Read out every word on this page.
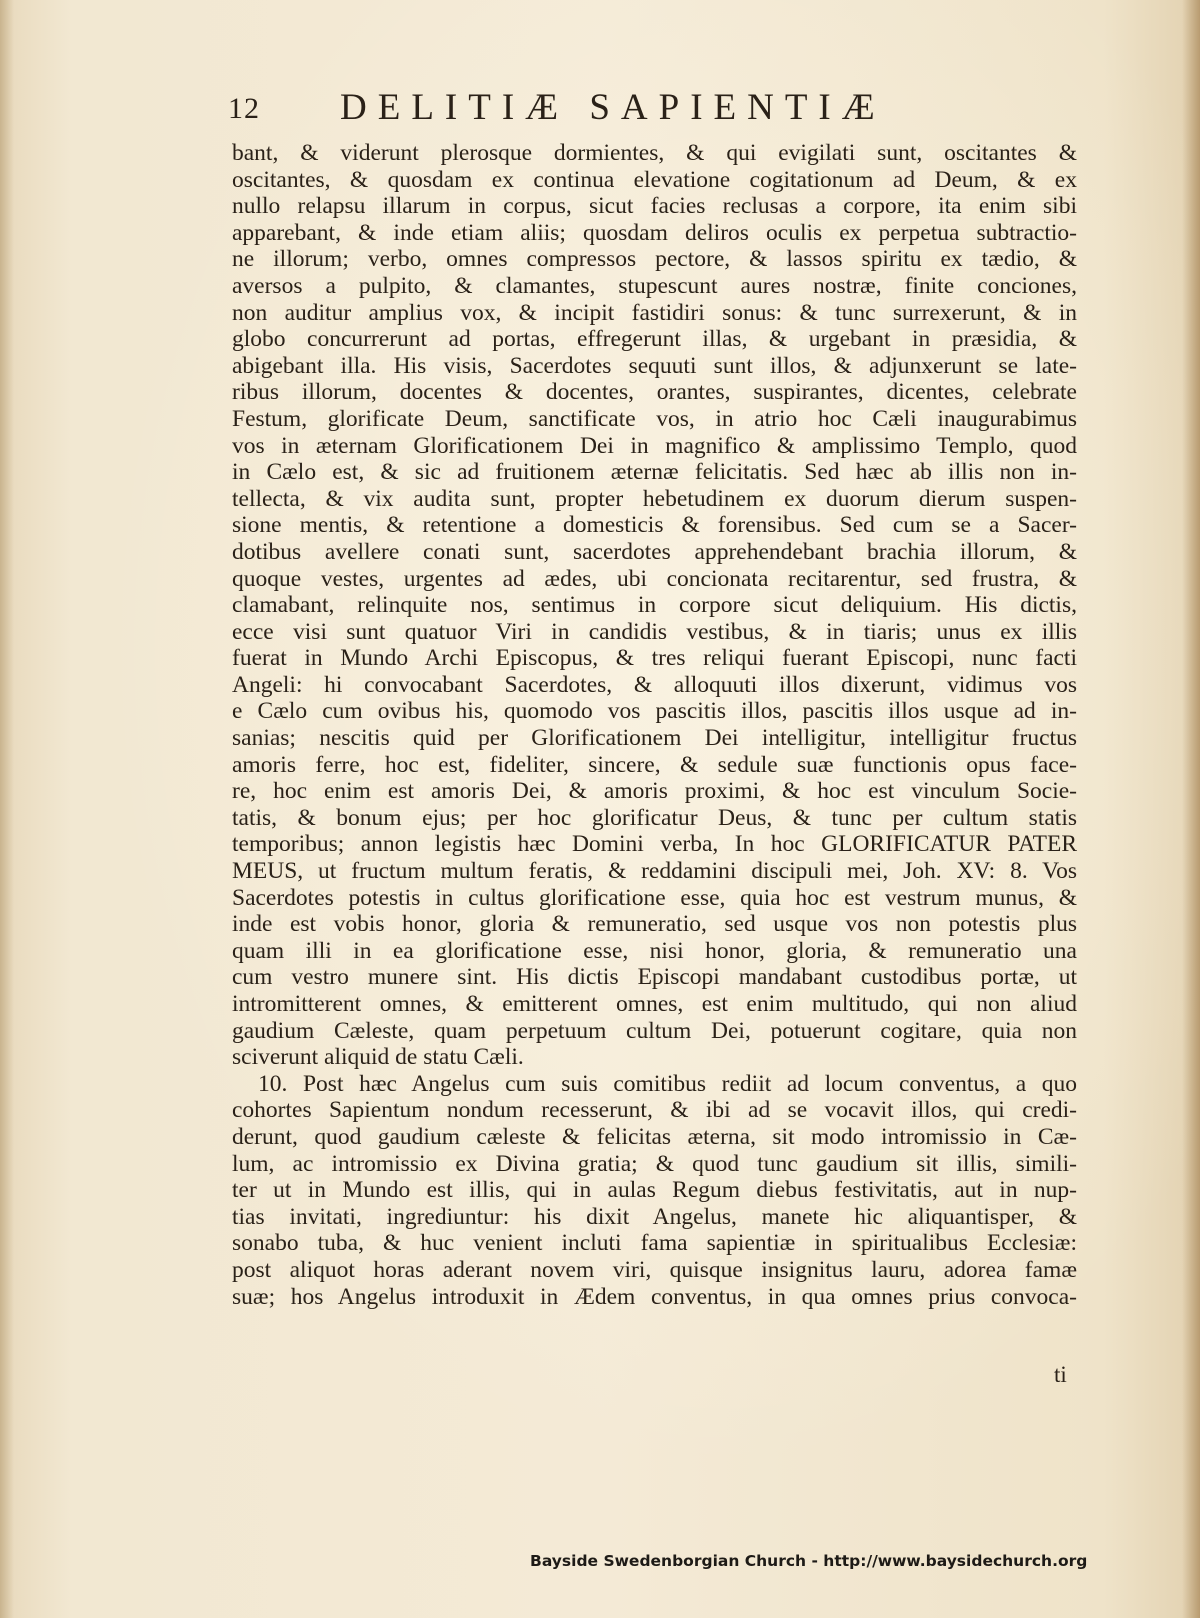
12 DELITIÆ SAPIENTIÆ
bant, & viderunt plerosque dormientes, & qui evigilati sunt, oscitantes &
oscitantes, & quosdam ex continua elevatione cogitationum ad Deum, & ex
nullo relapsu illarum in corpus, sicut facies reclusas a corpore, ita enim sibi
apparebant, & inde etiam aliis; quosdam deliros oculis ex perpetua subtractio-
ne illorum; verbo, omnes compressos pectore, & lassos spiritu ex tædio, &
aversos a pulpito, & clamantes, stupescunt aures nostræ, finite conciones,
non auditur amplius vox, & incipit fastidiri sonus: & tunc surrexerunt, & in
globo concurrerunt ad portas, effregerunt illas, & urgebant in præsidia, &
abigebant illa. His visis, Sacerdotes sequuti sunt illos, & adjunxerunt se late-
ribus illorum, docentes & docentes, orantes, suspirantes, dicentes, celebrate
Festum, glorificate Deum, sanctificate vos, in atrio hoc Cæli inaugurabimus
vos in æternam Glorificationem Dei in magnifico & amplissimo Templo, quod
in Cælo est, & sic ad fruitionem æternæ felicitatis. Sed hæc ab illis non in-
tellecta, & vix audita sunt, propter hebetudinem ex duorum dierum suspen-
sione mentis, & retentione a domesticis & forensibus. Sed cum se a Sacer-
dotibus avellere conati sunt, sacerdotes apprehendebant brachia illorum, &
quoque vestes, urgentes ad ædes, ubi concionata recitarentur, sed frustra, &
clamabant, relinquite nos, sentimus in corpore sicut deliquium. His dictis,
ecce visi sunt quatuor Viri in candidis vestibus, & in tiaris; unus ex illis
fuerat in Mundo Archi Episcopus, & tres reliqui fuerant Episcopi, nunc facti
Angeli: hi convocabant Sacerdotes, & alloquuti illos dixerunt, vidimus vos
e Cælo cum ovibus his, quomodo vos pascitis illos, pascitis illos usque ad in-
sanias; nescitis quid per Glorificationem Dei intelligitur, intelligitur fructus
amoris ferre, hoc est, fideliter, sincere, & sedule suæ functionis opus face-
re, hoc enim est amoris Dei, & amoris proximi, & hoc est vinculum Socie-
tatis, & bonum ejus; per hoc glorificatur Deus, & tunc per cultum statis
temporibus; annon legistis hæc Domini verba, In hoc GLORIFICATUR PATER
MEUS, ut fructum multum feratis, & reddamini discipuli mei, Joh. XV: 8. Vos
Sacerdotes potestis in cultus glorificatione esse, quia hoc est vestrum munus, &
inde est vobis honor, gloria & remuneratio, sed usque vos non potestis plus
quam illi in ea glorificatione esse, nisi honor, gloria, & remuneratio una
cum vestro munere sint. His dictis Episcopi mandabant custodibus portæ, ut
intromitterent omnes, & emitterent omnes, est enim multitudo, qui non aliud
gaudium Cæleste, quam perpetuum cultum Dei, potuerunt cogitare, quia non
sciverunt aliquid de statu Cæli.
10. Post hæc Angelus cum suis comitibus rediit ad locum conventus, a quo
cohortes Sapientum nondum recesserunt, & ibi ad se vocavit illos, qui credi-
derunt, quod gaudium cæleste & felicitas æterna, sit modo intromissio in Cæ-
lum, ac intromissio ex Divina gratia; & quod tunc gaudium sit illis, simili-
ter ut in Mundo est illis, qui in aulas Regum diebus festivitatis, aut in nup-
tias invitati, ingrediuntur: his dixit Angelus, manete hic aliquantisper, &
sonabo tuba, & huc venient incluti fama sapientiæ in spiritualibus Ecclesiæ:
post aliquot horas aderant novem viri, quisque insignitus lauru, adorea famæ
suæ; hos Angelus introduxit in Ædem conventus, in qua omnes prius convoca-
ti
Bayside Swedenborgian Church - http://www.baysidechurch.org
